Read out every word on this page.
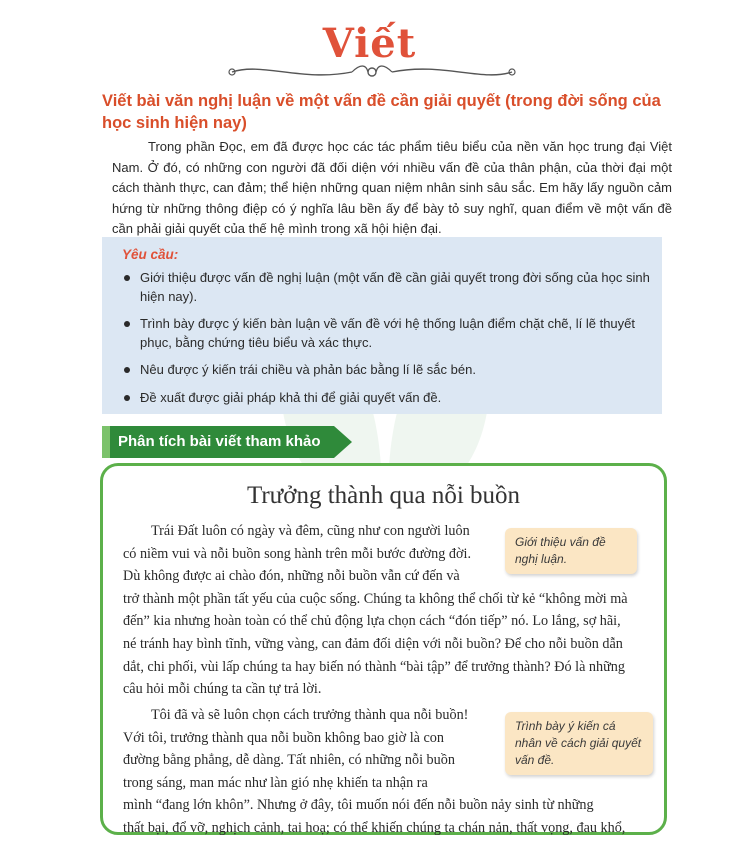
Viết
Viết bài văn nghị luận về một vấn đề cần giải quyết (trong đời sống của học sinh hiện nay)
Trong phần Đọc, em đã được học các tác phẩm tiêu biểu của nền văn học trung đại Việt Nam. Ở đó, có những con người đã đối diện với nhiều vấn đề của thân phận, của thời đại một cách thành thực, can đảm; thể hiện những quan niệm nhân sinh sâu sắc. Em hãy lấy nguồn cảm hứng từ những thông điệp có ý nghĩa lâu bền ấy để bày tỏ suy nghĩ, quan điểm về một vấn đề cần phải giải quyết của thế hệ mình trong xã hội hiện đại.
Yêu cầu:
Giới thiệu được vấn đề nghị luận (một vấn đề cần giải quyết trong đời sống của học sinh hiện nay).
Trình bày được ý kiến bàn luận về vấn đề với hệ thống luận điểm chặt chẽ, lí lẽ thuyết phục, bằng chứng tiêu biểu và xác thực.
Nêu được ý kiến trái chiều và phản bác bằng lí lẽ sắc bén.
Đề xuất được giải pháp khả thi để giải quyết vấn đề.
Phân tích bài viết tham khảo
Trưởng thành qua nỗi buồn
Trái Đất luôn có ngày và đêm, cũng như con người luôn
có niềm vui và nỗi buồn song hành trên mỗi bước đường đời.
Dù không được ai chào đón, những nỗi buồn vẫn cứ đến và
trở thành một phần tất yếu của cuộc sống. Chúng ta không thể chối từ kẻ “không mời mà
đến” kia nhưng hoàn toàn có thể chủ động lựa chọn cách “đón tiếp” nó. Lo lắng, sợ hãi,
né tránh hay bình tĩnh, vững vàng, can đảm đối diện với nỗi buồn? Để cho nỗi buồn dẫn
dắt, chi phối, vùi lấp chúng ta hay biến nó thành “bài tập” để trưởng thành? Đó là những
câu hỏi mỗi chúng ta cần tự trả lời.
Giới thiệu vấn đề nghị luận.
Tôi đã và sẽ luôn chọn cách trưởng thành qua nỗi buồn!
Với tôi, trưởng thành qua nỗi buồn không bao giờ là con
đường bằng phẳng, dễ dàng. Tất nhiên, có những nỗi buồn
trong sáng, man mác như làn gió nhẹ khiến ta nhận ra
mình “đang lớn khôn”. Nhưng ở đây, tôi muốn nói đến nỗi buồn nảy sinh từ những
thất bại, đổ vỡ, nghịch cảnh, tai hoạ; có thể khiến chúng ta chán nản, thất vọng, đau khổ,
Trình bày ý kiến cá nhân về cách giải quyết vấn đề.
